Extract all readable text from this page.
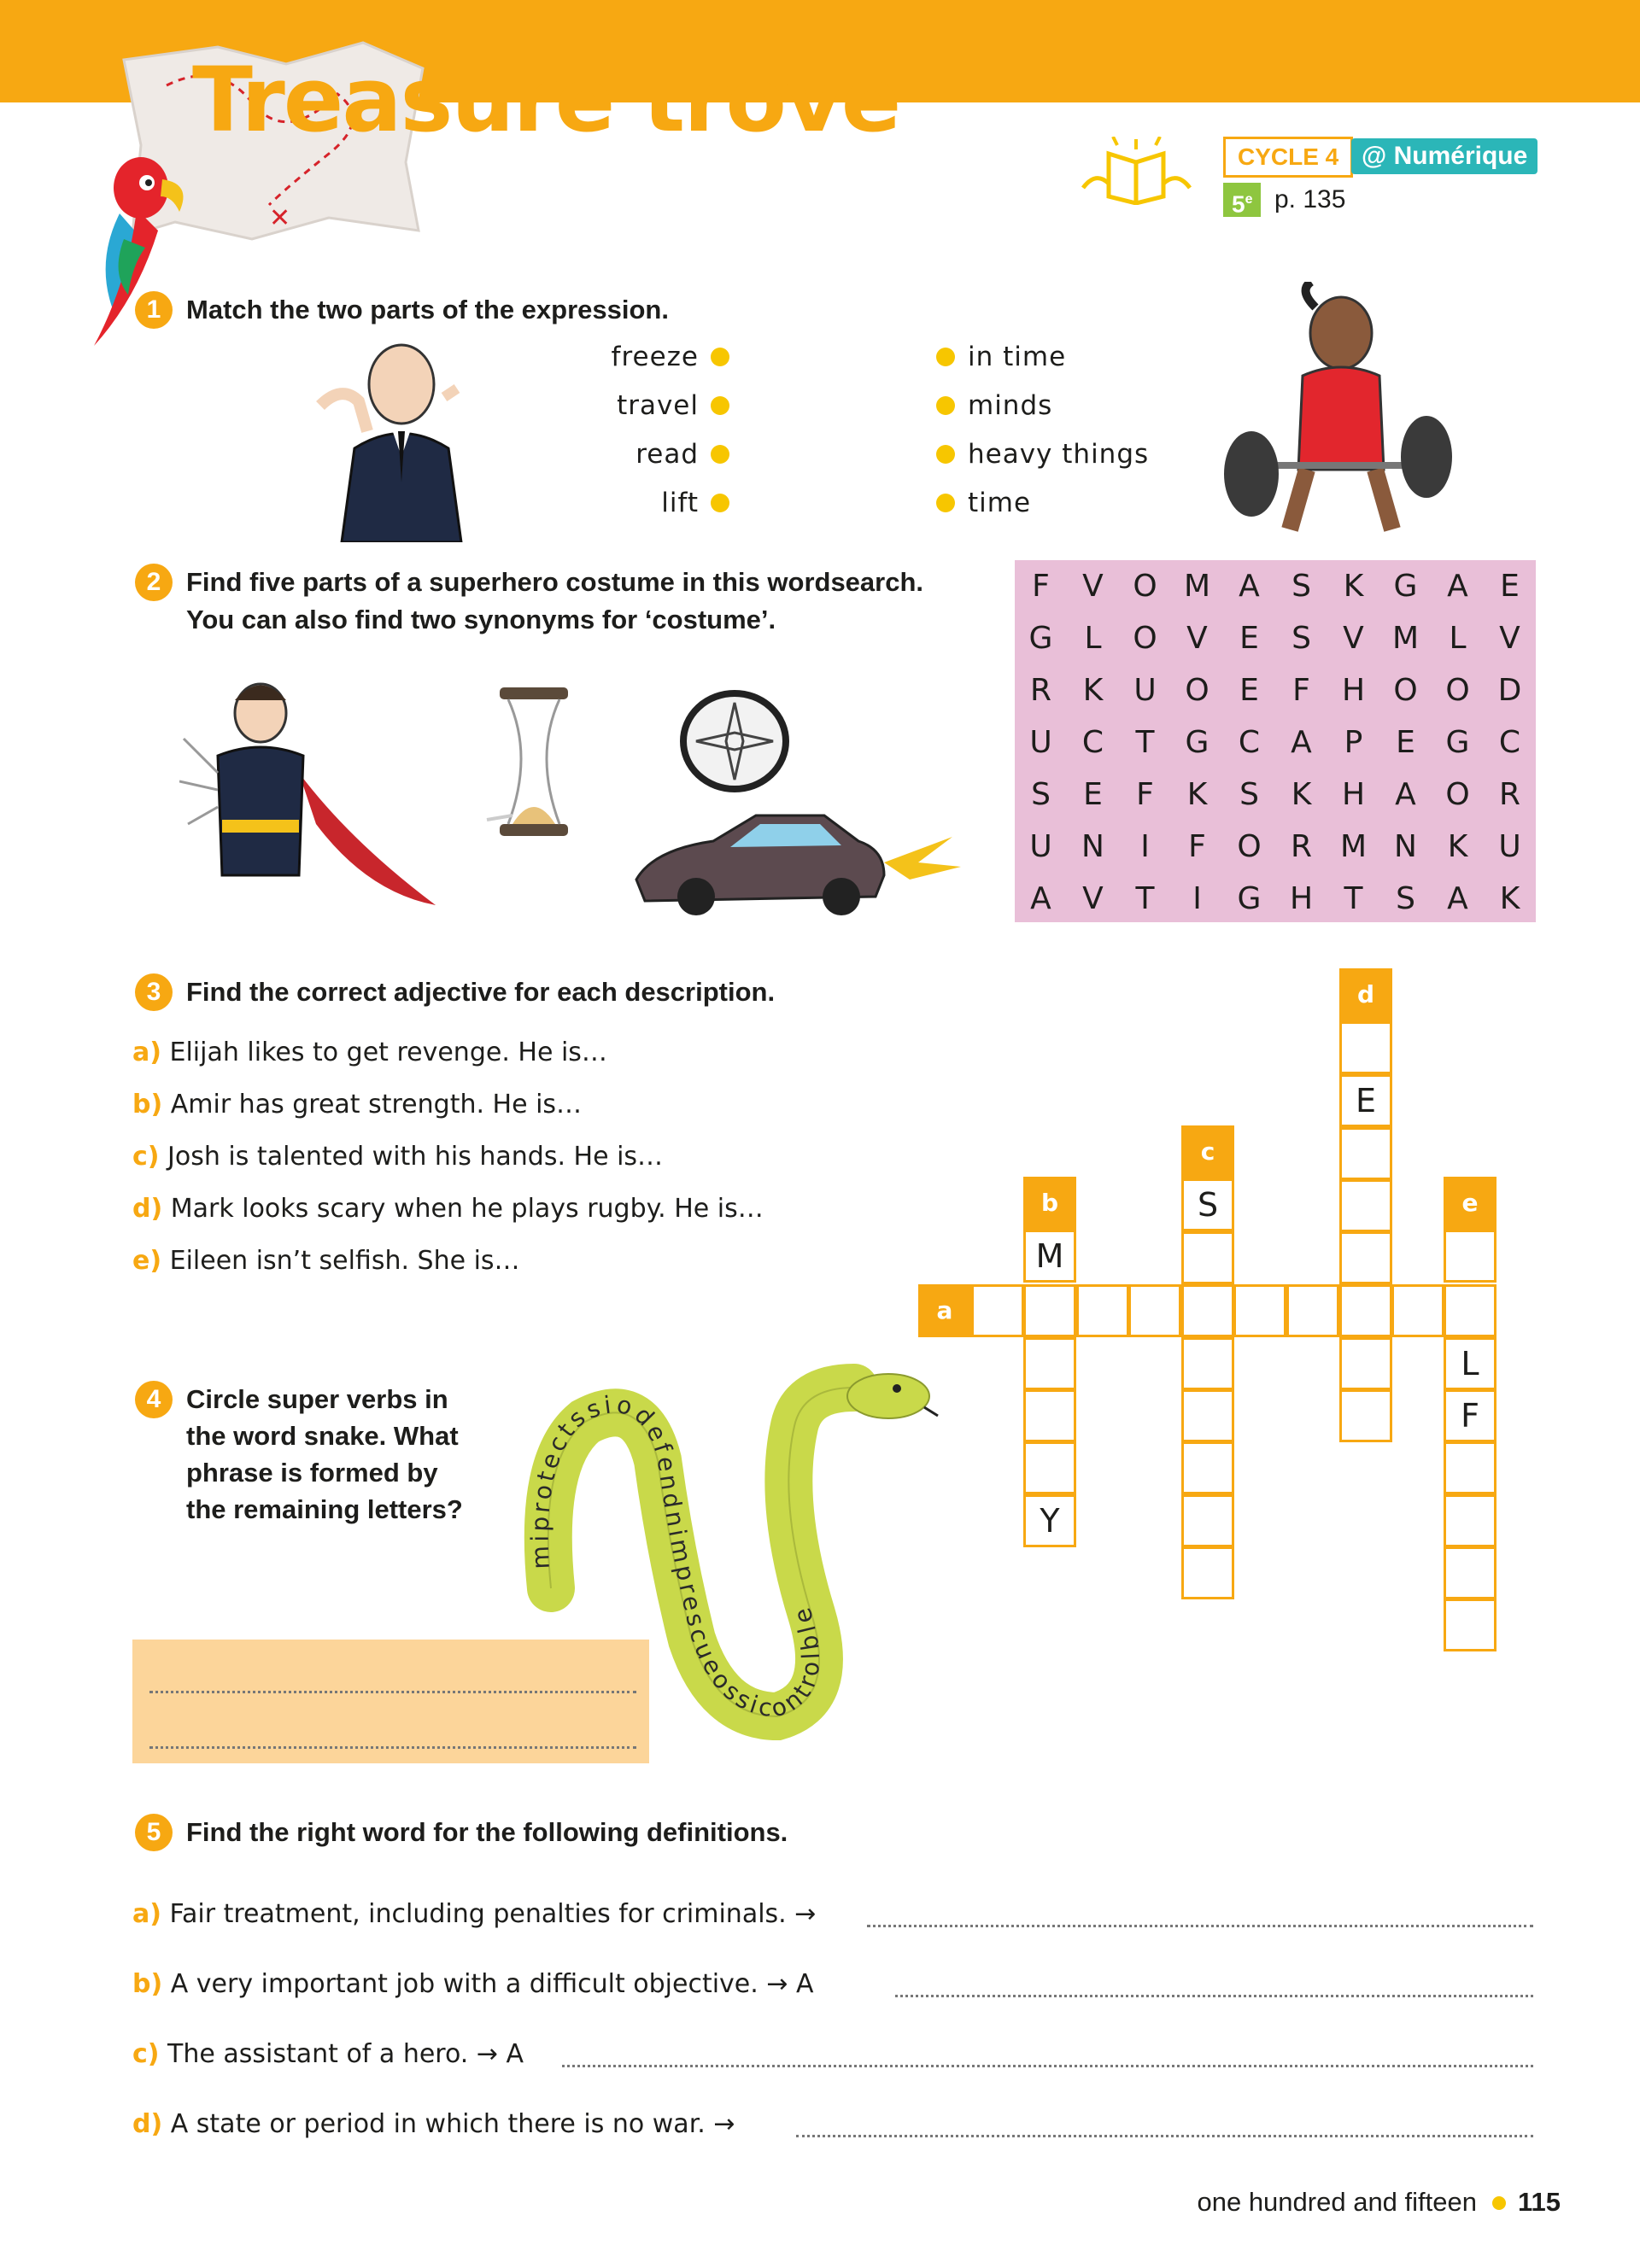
✕
Treasure trove
CYCLE 4 @ Numérique
5e p. 135
1 Match the two parts of the expression.
freeze
travel
read
lift
in time
minds
heavy things
time
2 Find five parts of a superhero costume in this wordsearch.
You can also find two synonyms for ‘costume’.
F	V O M A	S	K G A	E
G	L	O V	E	S	V M L	V
R	K	U O E	F	H O O D
U C	T	G C	A	P	E G C
S	E	F	K	S	K H A O R
U N	I	F	O R M N K	U
A	V	T	I	G H	T	S	A	K
3 Find the correct adjective for each description.
a) Elijah likes to get revenge. He is…
b) Amir has great strength. He is…
c) Josh is talented with his hands. He is…
d) Mark looks scary when he plays rugby. He is…
e) Eileen isn’t selfish. She is…
a
b
c
d
e
M
Y
S
E
L
F
4 Circle super verbs in
the word snake. What
phrase is formed by
the remaining letters?
miprotectssiodefendnimprescueossicontrolble
5 Find the right word for the following definitions.
a) Fair treatment, including penalties for criminals. →
b) A very important job with a difficult objective. → A
c) The assistant of a hero. → A
d) A state or period in which there is no war. →
one hundred and fifteen 115
